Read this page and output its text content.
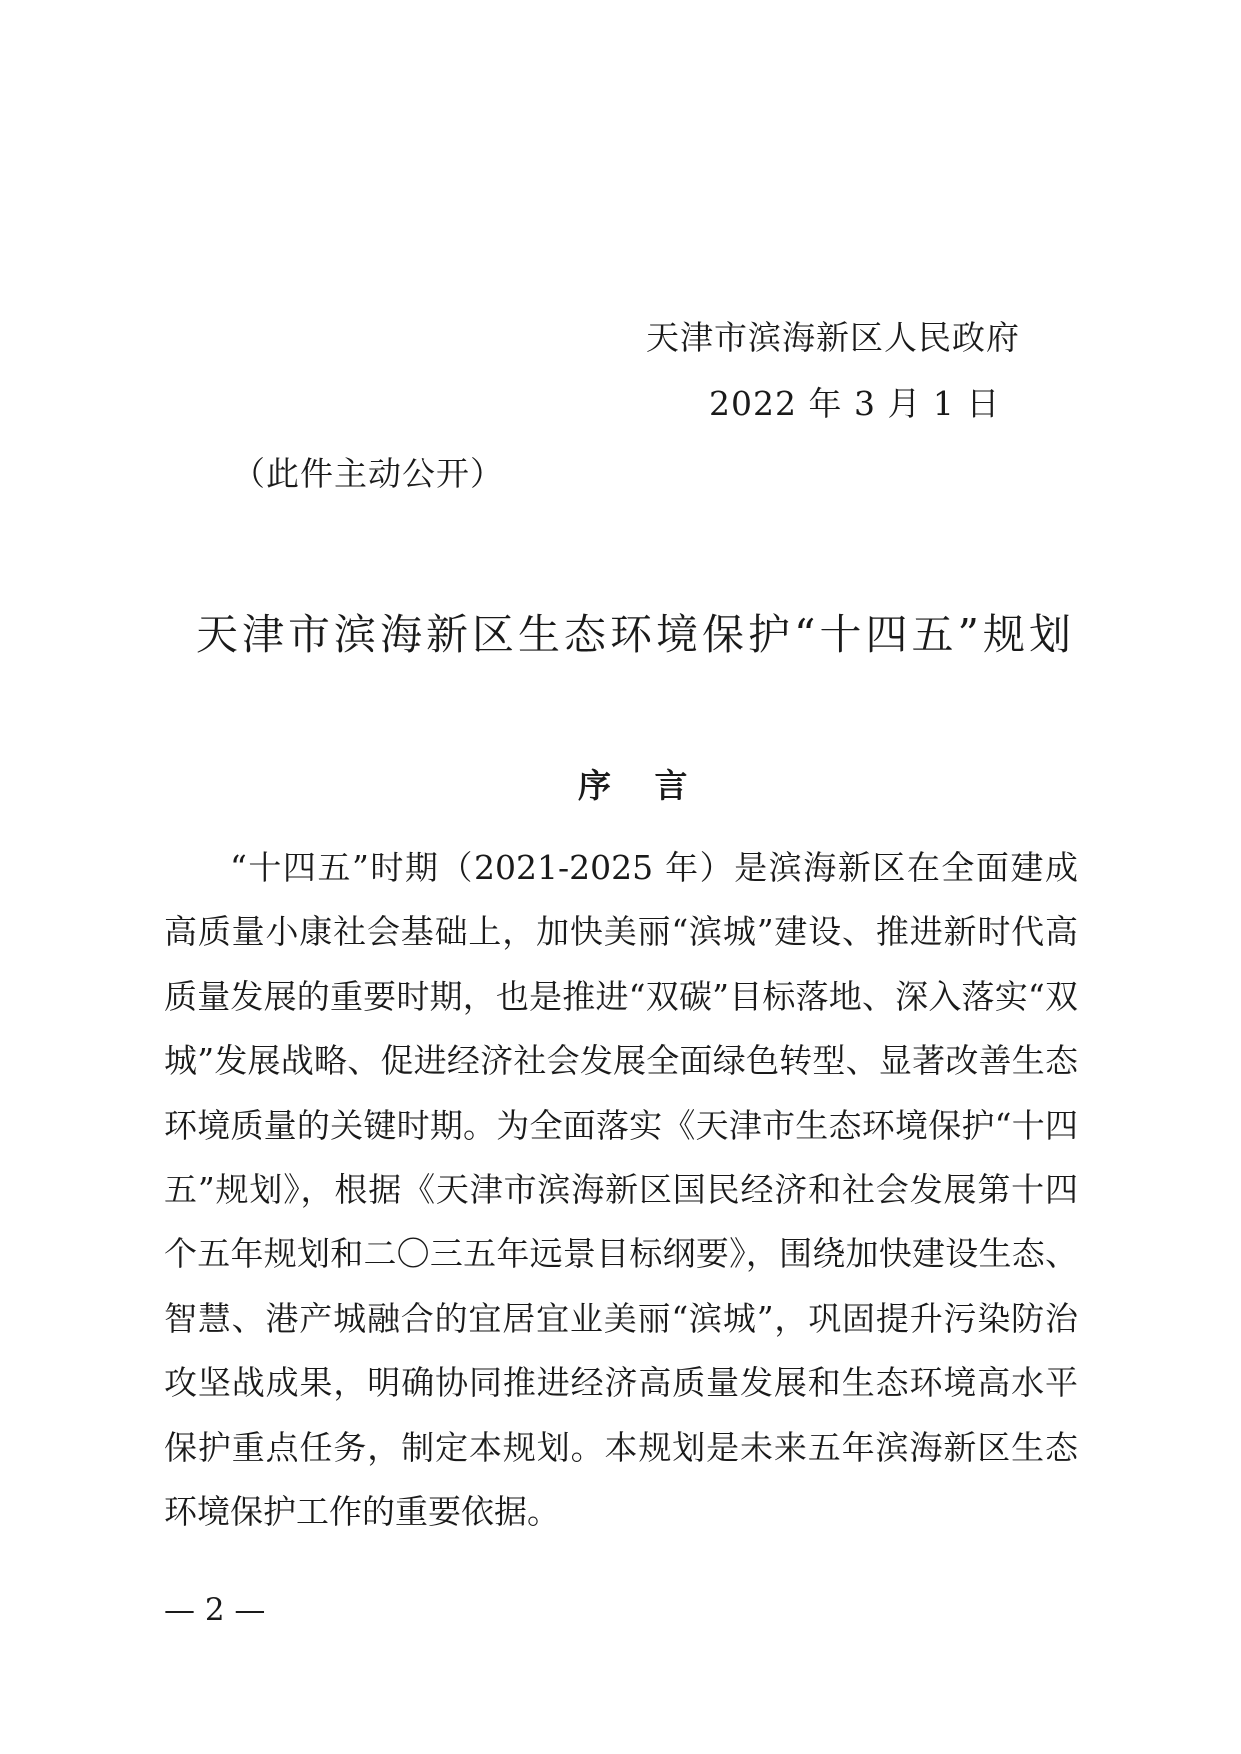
天津市滨海新区人民政府
2022 年 3 月 1 日
（此件主动公开）
天津市滨海新区生态环境保护“十四五”规划
序 言
“十四五”时期（2021-2025 年）是滨海新区在全面建成高质量小康社会基础上，加快美丽“滨城”建设、推进新时代高质量发展的重要时期，也是推进“双碳”目标落地、深入落实“双城”发展战略、促进经济社会发展全面绿色转型、显著改善生态环境质量的关键时期。为全面落实《天津市生态环境保护“十四五”规划》，根据《天津市滨海新区国民经济和社会发展第十四个五年规划和二〇三五年远景目标纲要》，围绕加快建设生态、智慧、港产城融合的宜居宜业美丽“滨城”，巩固提升污染防治攻坚战成果，明确协同推进经济高质量发展和生态环境高水平保护重点任务，制定本规划。本规划是未来五年滨海新区生态环境保护工作的重要依据。
— 2 —
